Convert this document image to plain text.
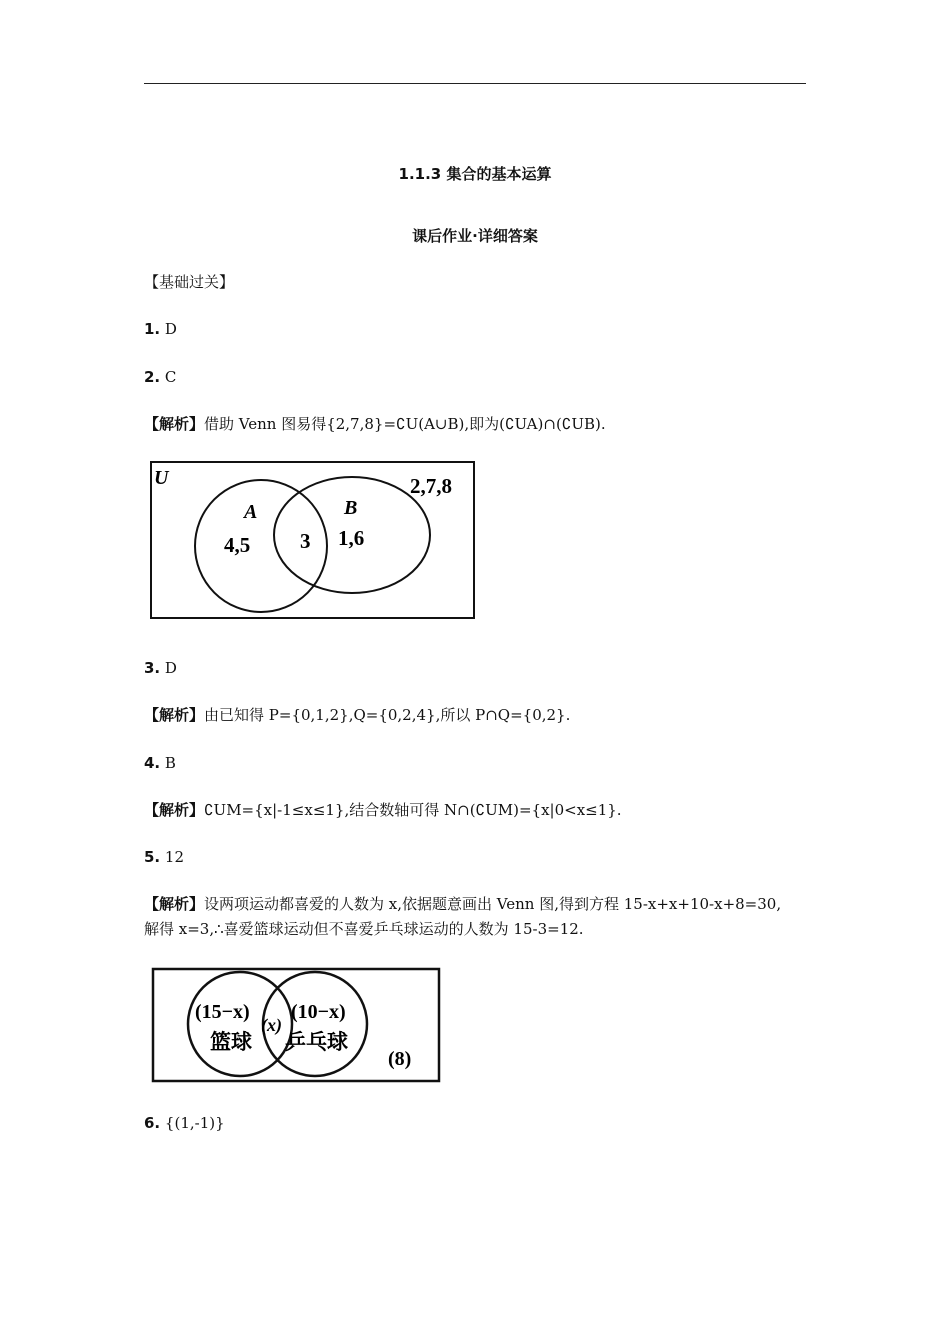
1.1.3 集合的基本运算
课后作业·详细答案
【基础过关】
1. D
2. C
【解析】借助 Venn 图易得{2,7,8}=∁U(A∪B),即为(∁UA)∩(∁UB).
U
A	B
4,5 3 1,6
2,7,8
3. D
【解析】由已知得 P={0,1,2},Q={0,2,4},所以 P∩Q={0,2}.
4. B
【解析】∁UM={x|-1≤x≤1},结合数轴可得 N∩(∁UM)={x|0<x≤1}.
5. 12
【解析】设两项运动都喜爱的人数为 x,依据题意画出 Venn 图,得到方程 15-x+x+10-x+8=30,
解得 x=3,∴喜爱篮球运动但不喜爱乒乓球运动的人数为 15-3=12.
(15−x)
篮球
(x)
(10−x)
乒乓球
(8)
6. {(1,-1)}
